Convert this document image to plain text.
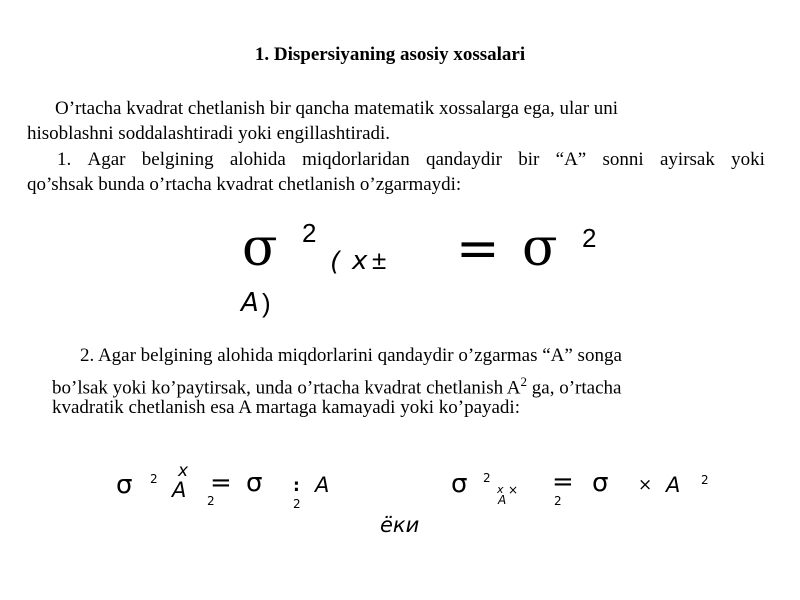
1. Dispersiyaning asosiy xossalari
O’rtacha kvadrat chetlanish bir qancha matematik xossalarga ega, ular uni
hisoblashni soddalashtiradi yoki engillashtiradi.
1. Agar belgining alohida miqdorlaridan qandaydir bir “A” sonni ayirsak yoki
qo’shsak bunda o’rtacha kvadrat chetlanish o’zgarmaydi:
σ 2
( x ±
A )
= σ 2
2. Agar belgining alohida miqdorlarini qandaydir o’zgarmas “A” songa
bo’lsak yoki ko’paytirsak, unda o’rtacha kvadrat chetlanish $A^2$ ga, o’rtacha
kvadratik chetlanish esa A martaga kamayadi yoki ko’payadi:
σ 2 x
A 2
= σ :
2
A	σ 2
x ×
A
=
2
σ × A 2
ёки
